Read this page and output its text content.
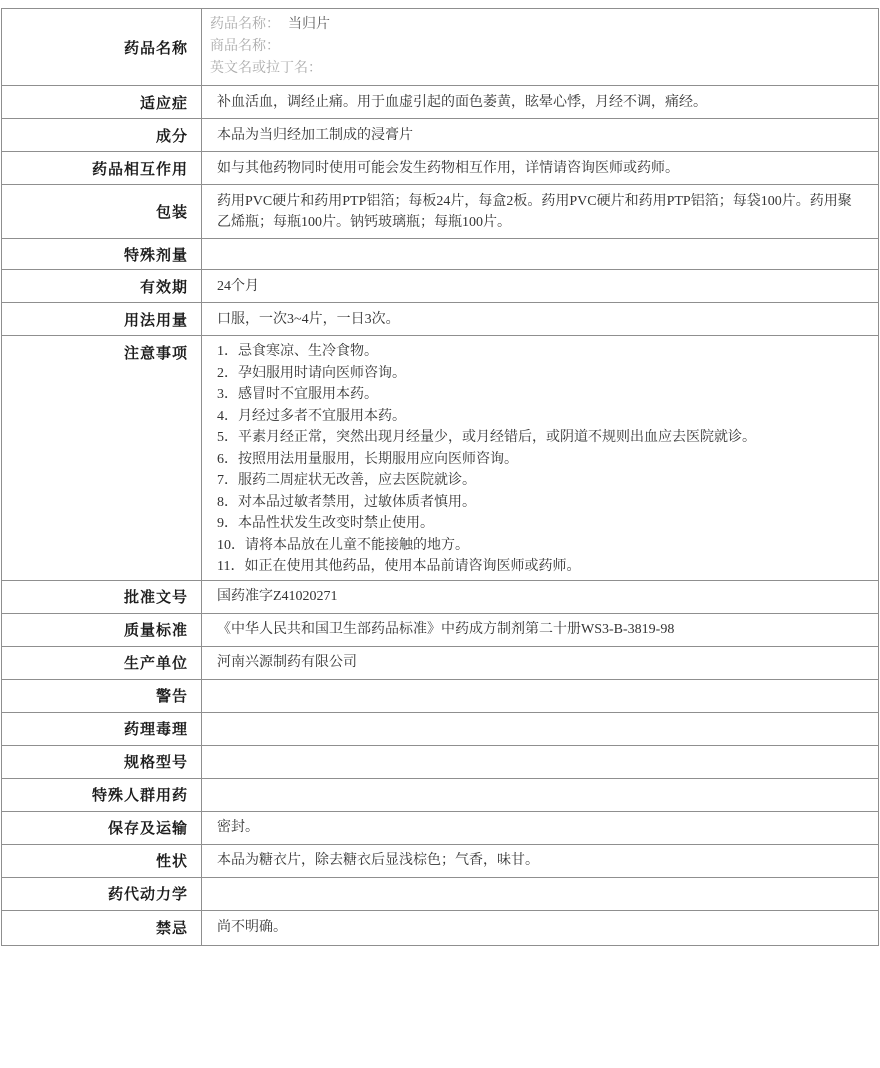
药品名称	药品名称： 当归片
商品名称：
英文名或拉丁名：

适应症	补血活血，调经止痛。用于血虚引起的面色萎黄，眩晕心悸，月经不调，痛经。
成分	本品为当归经加工制成的浸膏片
药品相互作用	如与其他药物同时使用可能会发生药物相互作用，详情请咨询医师或药师。
包装	药用PVC硬片和药用PTP铝箔；每板24片，每盒2板。药用PVC硬片和药用PTP铝箔；每袋100片。药用聚乙烯瓶；每瓶100片。钠钙玻璃瓶；每瓶100片。
特殊剂量	
有效期	24个月
用法用量	口服，一次3~4片，一日3次。
注意事项	1．忌食寒凉、生冷食物。
2．孕妇服用时请向医师咨询。
3．感冒时不宜服用本药。
4．月经过多者不宜服用本药。
5．平素月经正常，突然出现月经量少，或月经错后，或阴道不规则出血应去医院就诊。
6．按照用法用量服用，长期服用应向医师咨询。
7．服药二周症状无改善，应去医院就诊。
8．对本品过敏者禁用，过敏体质者慎用。
9．本品性状发生改变时禁止使用。
10．请将本品放在儿童不能接触的地方。
11．如正在使用其他药品，使用本品前请咨询医师或药师。

批准文号	国药准字Z41020271
质量标准	《中华人民共和国卫生部药品标准》中药成方制剂第二十册WS3-B-3819-98
生产单位	河南兴源制药有限公司
警告	
药理毒理	
规格型号	
特殊人群用药	
保存及运输	密封。
性状	本品为糖衣片，除去糖衣后显浅棕色；气香，味甘。
药代动力学	
禁忌	尚不明确。
